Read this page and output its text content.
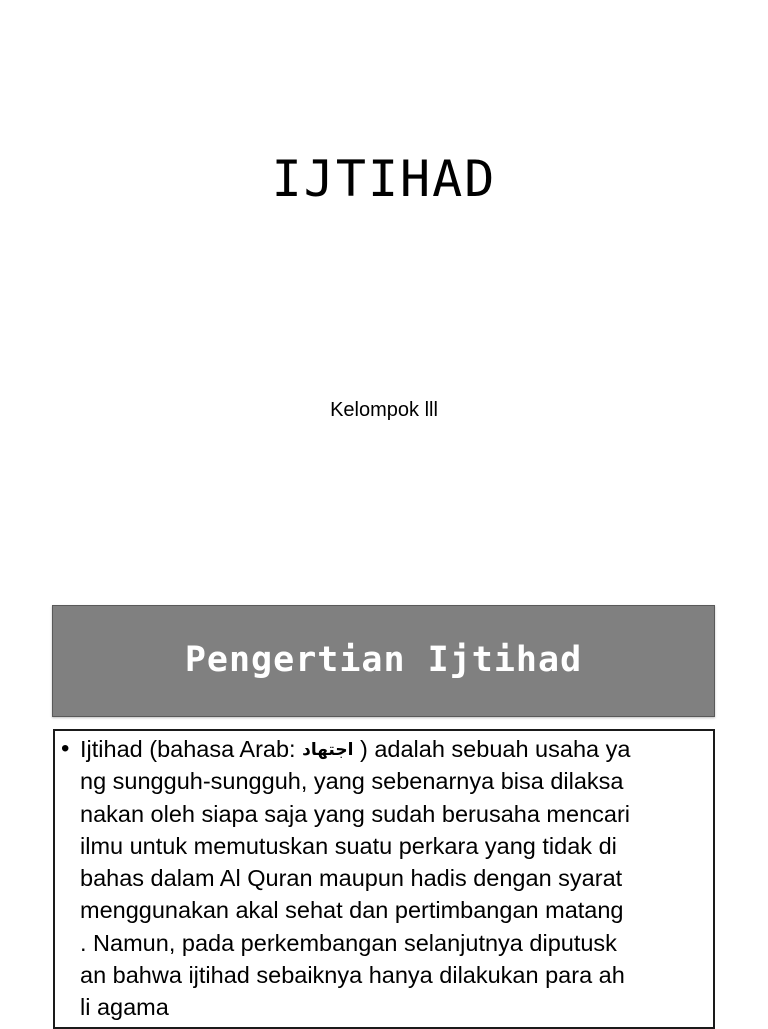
IJTIHAD
Kelompok lll
Pengertian Ijtihad
• Ijtihad (bahasa Arab: اجتهاد ) adalah sebuah usaha ya
ng sungguh-sungguh, yang sebenarnya bisa dilaksa
nakan oleh siapa saja yang sudah berusaha mencari
ilmu untuk memutuskan suatu perkara yang tidak di
bahas dalam Al Quran maupun hadis dengan syarat
menggunakan akal sehat dan pertimbangan matang
. Namun, pada perkembangan selanjutnya diputusk
an bahwa ijtihad sebaiknya hanya dilakukan para ah
li agama
